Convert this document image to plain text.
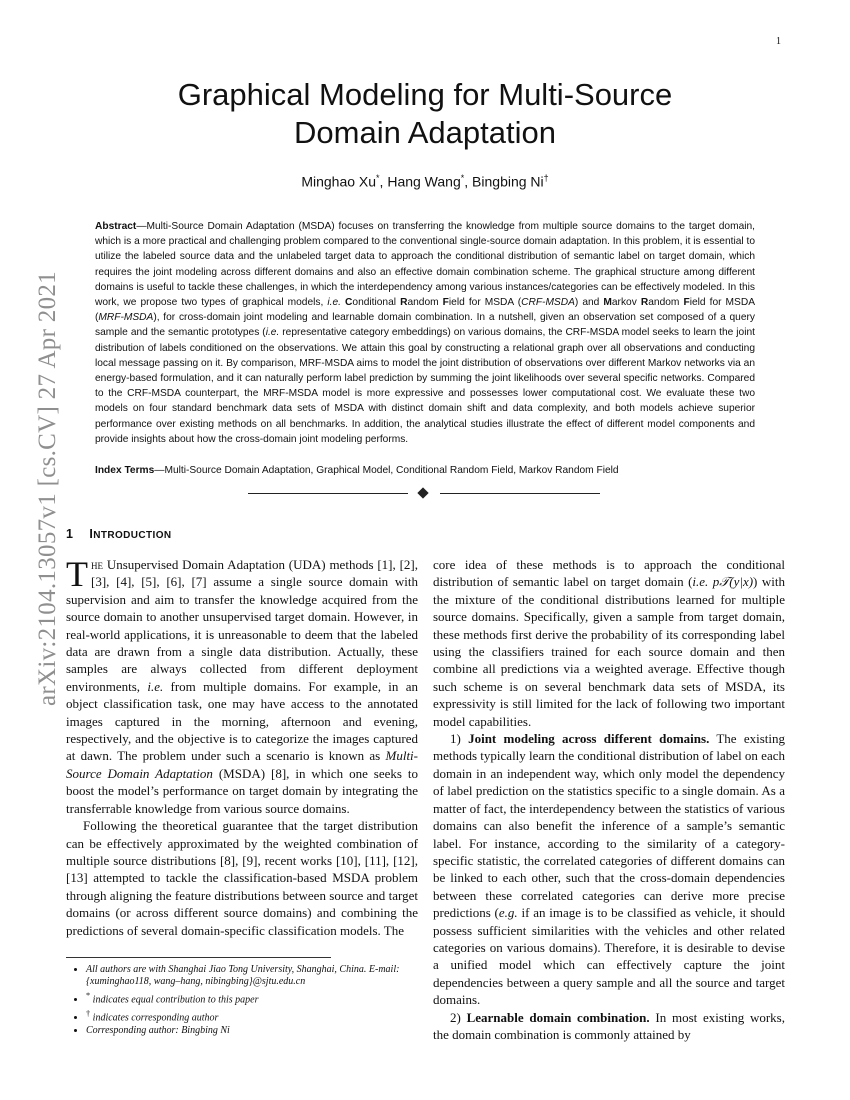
1
arXiv:2104.13057v1 [cs.CV] 27 Apr 2021
Graphical Modeling for Multi-Source
Domain Adaptation
Minghao Xu*, Hang Wang*, Bingbing Ni†

Abstract—Multi-Source Domain Adaptation (MSDA) focuses on transferring the knowledge from multiple source domains to the target domain, which is a more practical and challenging problem compared to the conventional single-source domain adaptation. In this problem, it is essential to utilize the labeled source data and the unlabeled target data to approach the conditional distribution of semantic label on target domain, which requires the joint modeling across different domains and also an effective domain combination scheme. The graphical structure among different domains is useful to tackle these challenges, in which the interdependency among various instances/categories can be effectively modeled. In this work, we propose two types of graphical models, i.e. Conditional Random Field for MSDA (CRF-MSDA) and Markov Random Field for MSDA (MRF-MSDA), for cross-domain joint modeling and learnable domain combination. In a nutshell, given an observation set composed of a query sample and the semantic prototypes (i.e. representative category embeddings) on various domains, the CRF-MSDA model seeks to learn the joint distribution of labels conditioned on the observations. We attain this goal by constructing a relational graph over all observations and conducting local message passing on it. By comparison, MRF-MSDA aims to model the joint distribution of observations over different Markov networks via an energy-based formulation, and it can naturally perform label prediction by summing the joint likelihoods over several specific networks. Compared to the CRF-MSDA counterpart, the MRF-MSDA model is more expressive and possesses lower computational cost. We evaluate these two models on four standard benchmark data sets of MSDA with distinct domain shift and data complexity, and both models achieve superior performance over existing methods on all benchmarks. In addition, the analytical studies illustrate the effect of different model components and provide insights about how the cross-domain joint modeling performs.

Index Terms—Multi-Source Domain Adaptation, Graphical Model, Conditional Random Field, Markov Random Field
1 INTRODUCTION

The Unsupervised Domain Adaptation (UDA) methods [1], [2], [3], [4], [5], [6], [7] assume a single source domain with supervision and aim to transfer the knowledge acquired from the source domain to another unsupervised target domain. However, in real-world applications, it is unreasonable to deem that the labeled data are drawn from a single data distribution. Actually, these samples are always collected from different deployment environments, i.e. from multiple domains. For example, in an object classification task, one may have access to the annotated images captured in the morning, afternoon and evening, respectively, and the objective is to categorize the images captured at dawn. The problem under such a scenario is known as Multi-Source Domain Adaptation (MSDA) [8], in which one seeks to boost the model’s performance on target domain by integrating the transferrable knowledge from various source domains.

Following the theoretical guarantee that the target distribution can be effectively approximated by the weighted combination of multiple source distributions [8], [9], recent works [10], [11], [12], [13] attempted to tackle the classification-based MSDA problem through aligning the feature distributions between source and target domains (or across different source domains) and combining the predictions of several domain-specific classification models. The

core idea of these methods is to approach the conditional distribution of semantic label on target domain (i.e. p𝒯(y|x)) with the mixture of the conditional distributions learned for multiple source domains. Specifically, given a sample from target domain, these methods first derive the probability of its corresponding label using the classifiers trained for each source domain and then combine all predictions via a weighted average. Effective though such scheme is on several benchmark data sets of MSDA, its expressivity is still limited for the lack of following two important model capabilities.

1) Joint modeling across different domains. The existing methods typically learn the conditional distribution of label on each domain in an independent way, which only model the dependency of label prediction on the statistics specific to a single domain. As a matter of fact, the interdependency between the statistics of various domains can also benefit the inference of a sample’s semantic label. For instance, according to the similarity of a category-specific statistic, the correlated categories of different domains can be linked to each other, such that the cross-domain dependencies between these correlated categories can derive more precise predictions (e.g. if an image is to be classified as vehicle, it should possess sufficient similarities with the vehicles and other related categories on various domains). Therefore, it is desirable to devise a unified model which can effectively capture the joint dependencies between a query sample and all the source and target domains.

2) Learnable domain combination. In most existing works, the domain combination is commonly attained by

• All authors are with Shanghai Jiao Tong University, Shanghai, China. E-mail: {xuminghao118, wang–hang, nibingbing}@sjtu.edu.cn
• * indicates equal contribution to this paper
• † indicates corresponding author
• Corresponding author: Bingbing Ni
